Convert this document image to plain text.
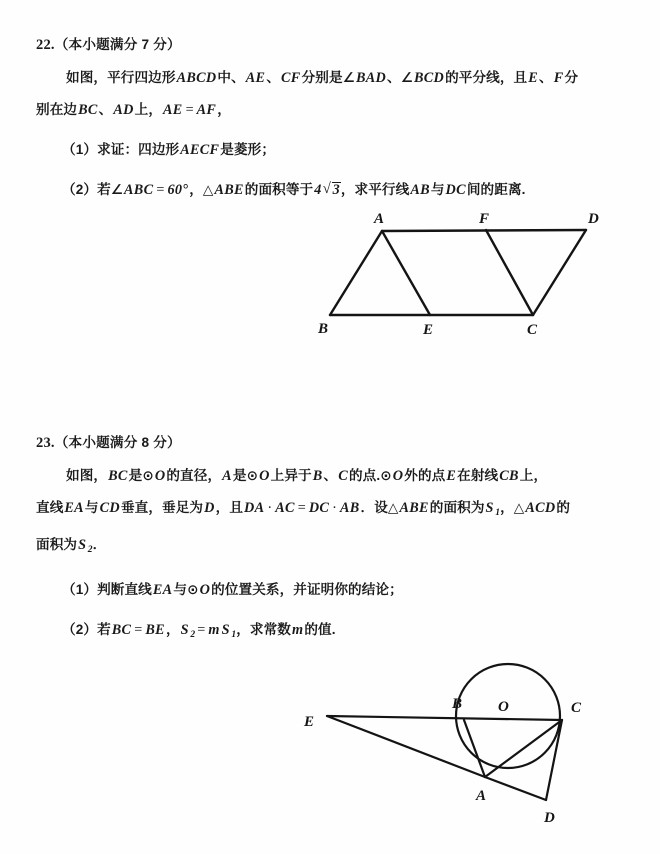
22.（本小题满分 7 分）
如图，平行四边形ABCD中、AE、CF分别是∠BAD、∠BCD的平分线，且E、F分
别在边BC、AD上，AE = AF，
（1）求证：四边形AECF是菱形；
（2）若∠ABC = 60°，△ABE的面积等于4 √ 3，求平行线AB与DC间的距离.
A
B	C
D
E
F
23.（本小题满分 8 分）
如图，BC是⊙O的直径，A是⊙O上异于B、C的点.⊙O外的点E在射线CB上，
直线EA与CD垂直，垂足为D，且DA · AC = DC · AB．设△ABE的面积为S $_1$，△ACD的
面积为S $_2$．
（1）判断直线EA与⊙O的位置关系，并证明你的结论；
（2）若BC = BE，S $_2$ = m S $_1$，求常数m的值.
E
B O	C
A
D
